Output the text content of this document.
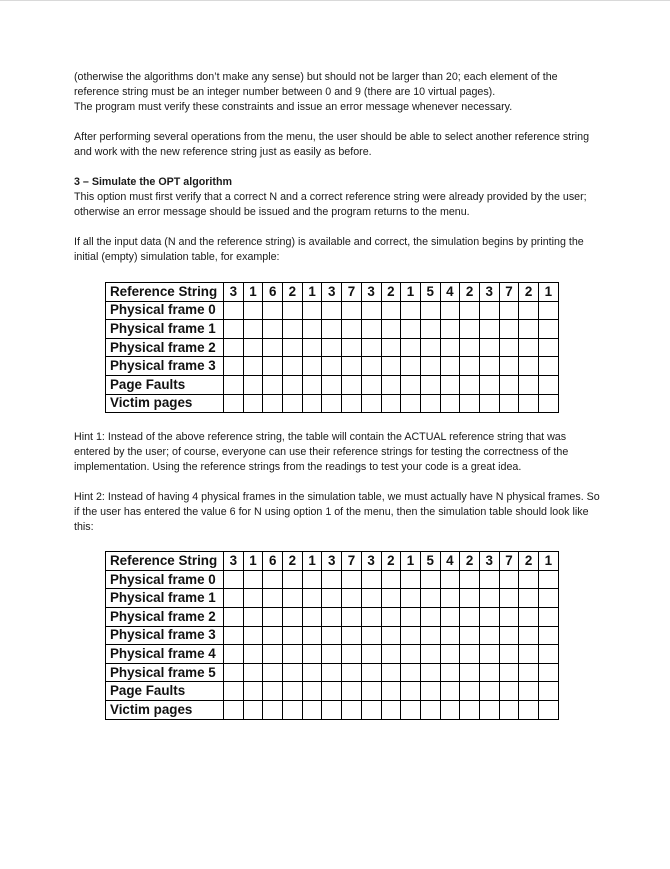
(otherwise the algorithms don’t make any sense) but should not be larger than 20; each element of the reference string must be an integer number between 0 and 9 (there are 10 virtual pages).

The program must verify these constraints and issue an error message whenever necessary.

After performing several operations from the menu, the user should be able to select another reference string and work with the new reference string just as easily as before.

3 – Simulate the OPT algorithm

This option must first verify that a correct N and a correct reference string were already provided by the user; otherwise an error message should be issued and the program returns to the menu.

If all the input data (N and the reference string) is available and correct, the simulation begins by printing the initial (empty) simulation table, for example:

Reference String	3	1	6	2	1	3	7	3	2	1	5	4	2	3	7	2	1
Physical frame 0																	
Physical frame 1																	
Physical frame 2																	
Physical frame 3																	
Page Faults																	
Victim pages																	

Hint 1: Instead of the above reference string, the table will contain the ACTUAL reference string that was entered by the user; of course, everyone can use their reference strings for testing the correctness of the implementation. Using the reference strings from the readings to test your code is a great idea.

Hint 2: Instead of having 4 physical frames in the simulation table, we must actually have N physical frames. So if the user has entered the value 6 for N using option 1 of the menu, then the simulation table should look like this:

Reference String	3	1	6	2	1	3	7	3	2	1	5	4	2	3	7	2	1
Physical frame 0																	
Physical frame 1																	
Physical frame 2																	
Physical frame 3																	
Physical frame 4																	
Physical frame 5																	
Page Faults																	
Victim pages																	
